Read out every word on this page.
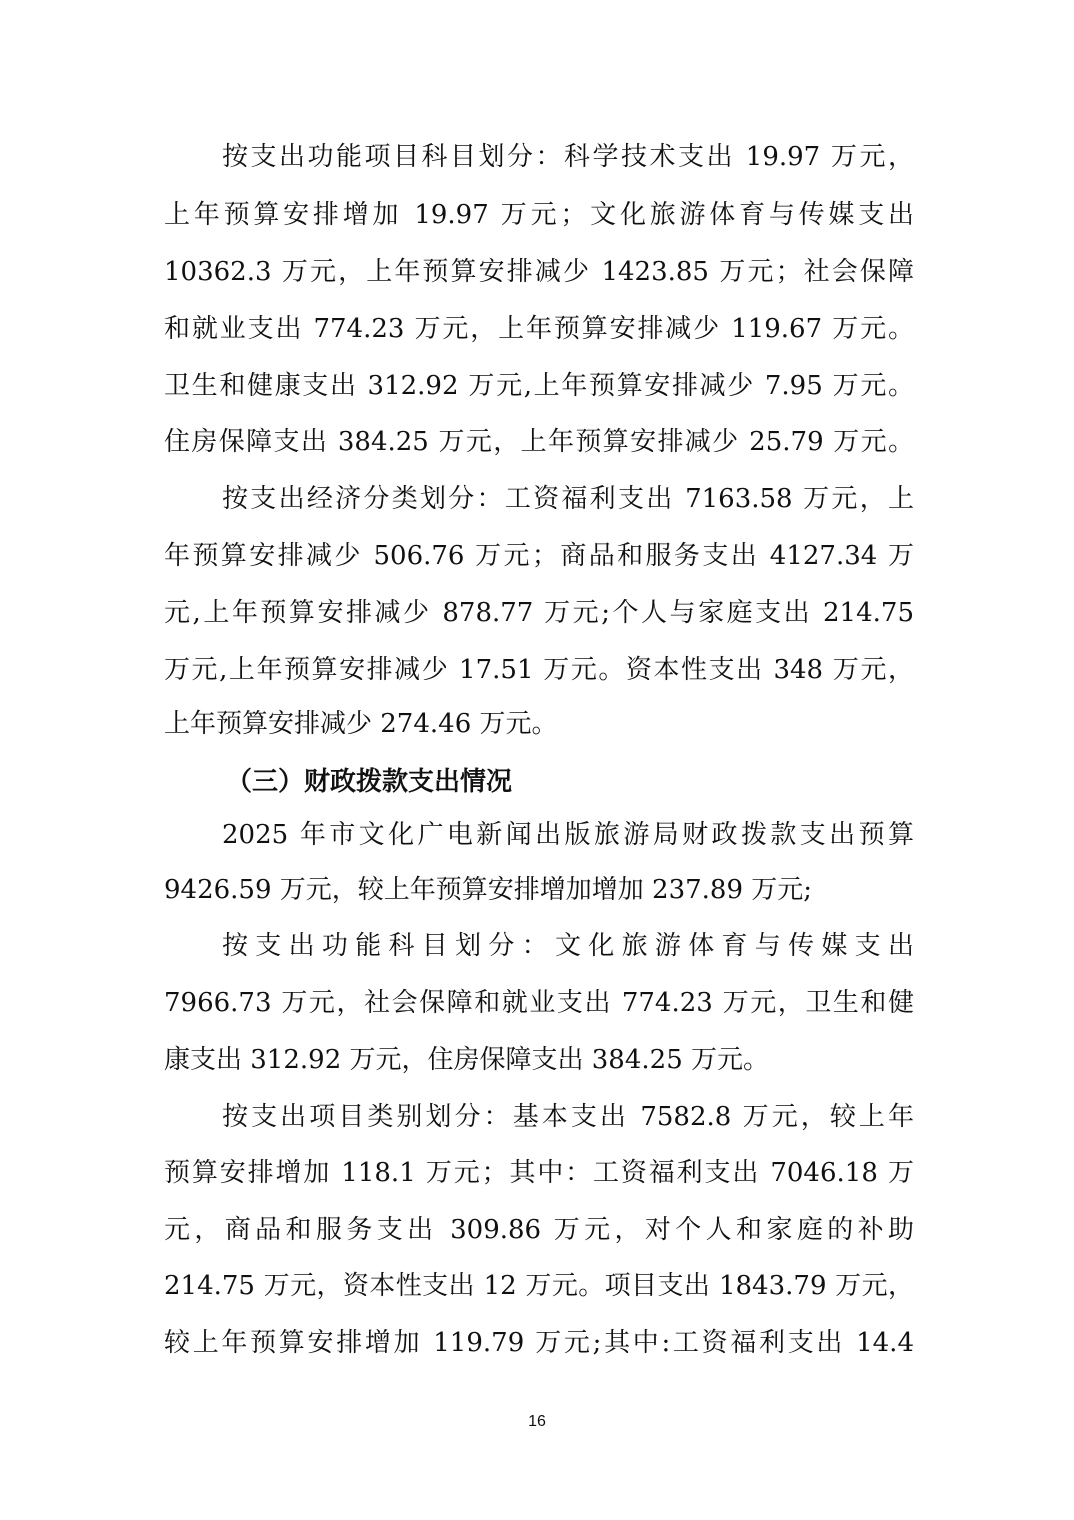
按支出功能项目科目划分：科学技术支出 19.97 万元，
上年预算安排增加 19.97 万元；文化旅游体育与传媒支出
10362.3 万元，上年预算安排减少 1423.85 万元；社会保障
和就业支出 774.23 万元，上年预算安排减少 119.67 万元。
卫生和健康支出 312.92 万元,上年预算安排减少 7.95 万元。
住房保障支出 384.25 万元，上年预算安排减少 25.79 万元。
按支出经济分类划分：工资福利支出 7163.58 万元，上
年预算安排减少 506.76 万元；商品和服务支出 4127.34 万
元,上年预算安排减少 878.77 万元;个人与家庭支出 214.75
万元,上年预算安排减少 17.51 万元。资本性支出 348 万元，
上年预算安排减少 274.46 万元。
（三）财政拨款支出情况
2025 年市文化广电新闻出版旅游局财政拨款支出预算
9426.59 万元，较上年预算安排增加增加 237.89 万元;
按支出功能科目划分：文化旅游体育与传媒支出
7966.73 万元，社会保障和就业支出 774.23 万元，卫生和健
康支出 312.92 万元，住房保障支出 384.25 万元。
按支出项目类别划分：基本支出 7582.8 万元，较上年
预算安排增加 118.1 万元；其中：工资福利支出 7046.18 万
元，商品和服务支出 309.86 万元，对个人和家庭的补助
214.75 万元，资本性支出 12 万元。项目支出 1843.79 万元，
较上年预算安排增加 119.79 万元;其中:工资福利支出 14.4
16
